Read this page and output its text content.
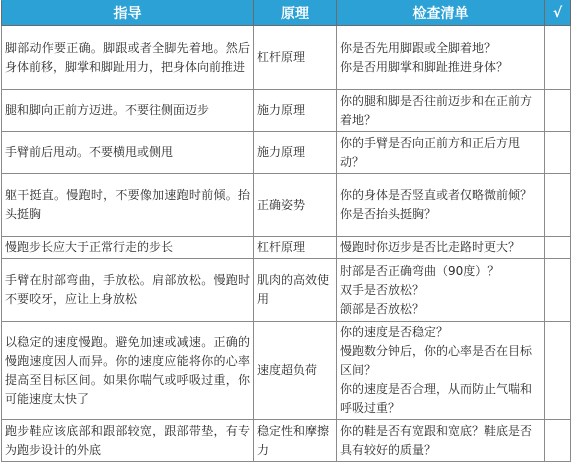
指导	原理	检查清单	√
脚部动作要正确。脚跟或者全脚先着地。然后身体前移，脚掌和脚趾用力，把身体向前推进	杠杆原理	你是否先用脚跟或全脚着地？
你是否用脚掌和脚趾推进身体？	

腿和脚向正前方迈进。不要往侧面迈步	施力原理	你的腿和脚是否往前迈步和在正前方着地？	

手臂前后甩动。不要横甩或侧甩	施力原理	你的手臂是否向正前方和正后方甩动？	

躯干挺直。慢跑时，不要像加速跑时前倾。抬头挺胸	正确姿势	你的身体是否竖直或者仅略微前倾？
你是否抬头挺胸？	

慢跑步长应大于正常行走的步长	杠杆原理	慢跑时你迈步是否比走路时更大？	

手臂在肘部弯曲，手放松。肩部放松。慢跑时不要咬牙，应让上身放松	肌肉的高效使用	肘部是否正确弯曲（90度）？
双手是否放松？
颌部是否放松？	

以稳定的速度慢跑。避免加速或减速。正确的慢跑速度因人而异。你的速度应能将你的心率提高至目标区间。如果你喘气或呼吸过重，你可能速度太快了	速度超负荷	你的速度是否稳定？
慢跑数分钟后，你的心率是否在目标区间？
你的速度是否合理，从而防止气喘和呼吸过重？	

跑步鞋应该底部和跟部较宽，跟部带垫，有专为跑步设计的外底	稳定性和摩擦力	你的鞋是否有宽跟和宽底？鞋底是否具有较好的质量？	
